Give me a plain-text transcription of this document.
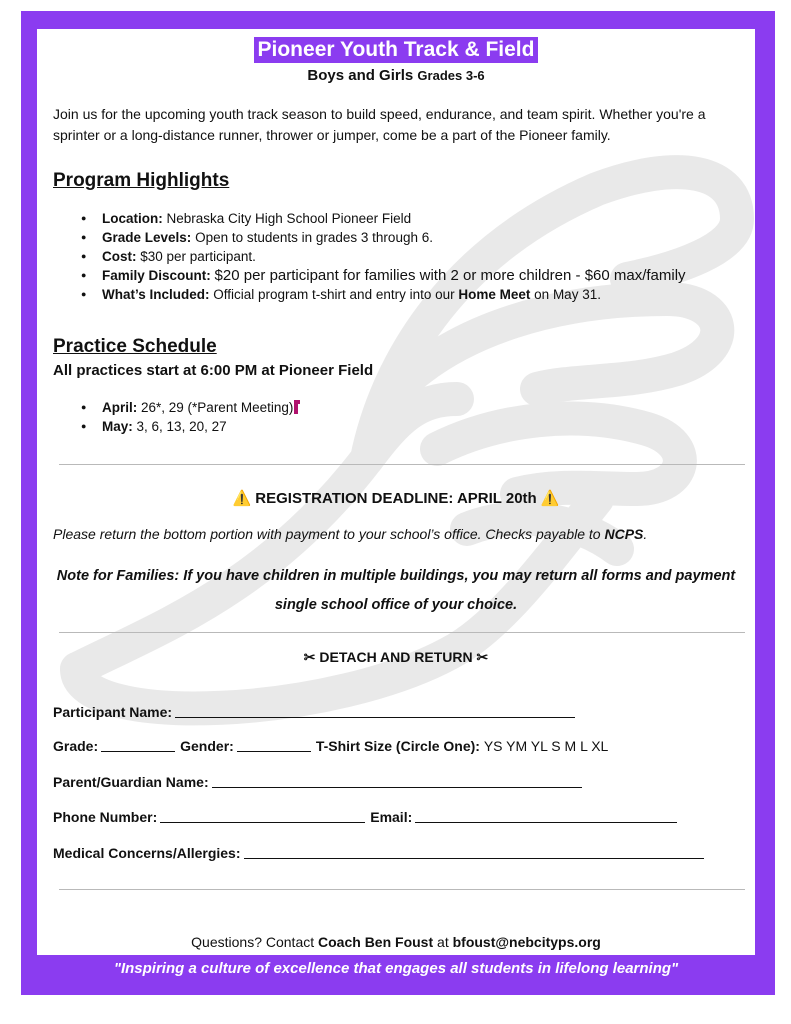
Pioneer Youth Track & Field
Boys and Girls Grades 3-6

Join us for the upcoming youth track season to build speed, endurance, and team spirit. Whether you're a sprinter or a long-distance runner, thrower or jumper, come be a part of the Pioneer family.

Program Highlights
● Location: Nebraska City High School Pioneer Field
● Grade Levels: Open to students in grades 3 through 6.
● Cost: $30 per participant.
● Family Discount: $20 per participant for families with 2 or more children - $60 max/family
● What’s Included: Official program t-shirt and entry into our Home Meet on May 31.
Practice Schedule
All practices start at 6:00 PM at Pioneer Field
● April: 26*, 29 (*Parent Meeting)
● May: 3, 6, 13, 20, 27
⚠️ REGISTRATION DEADLINE: APRIL 20th ⚠️

Please return the bottom portion with payment to your school’s office. Checks payable to NCPS.

Note for Families: If you have children in multiple buildings, you may return all forms and payment single school office of your choice.

✂ DETACH AND RETURN ✂
Participant Name:
Grade:	Gender:	T-Shirt Size (Circle One):
YS YM YL S M L XL
Parent/Guardian Name:
Phone Number:	Email:
Medical Concerns/Allergies:
Questions? Contact Coach Ben Foust at bfoust@nebcityps.org
"Inspiring a culture of excellence that engages all students in lifelong learning"
